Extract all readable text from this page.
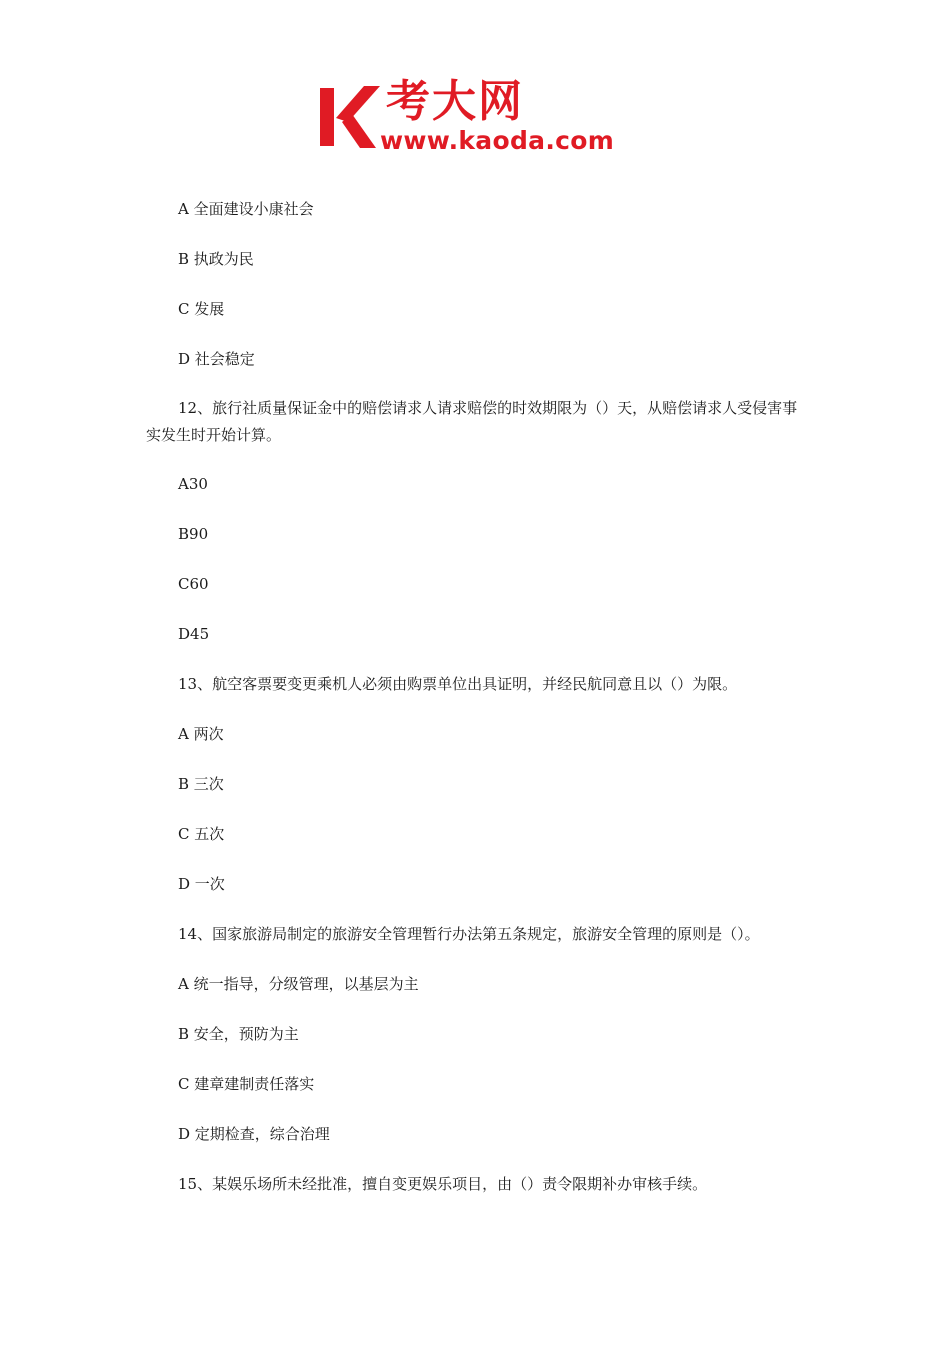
考大网
www.kaoda.com
A 全面建设小康社会
B 执政为民
C 发展
D 社会稳定
12、旅行社质量保证金中的赔偿请求人请求赔偿的时效期限为（）天，从赔偿请求人受侵害事实发生时开始计算。
A30
B90
C60
D45
13、航空客票要变更乘机人必须由购票单位出具证明，并经民航同意且以（）为限。
A 两次
B 三次
C 五次
D 一次
14、国家旅游局制定的旅游安全管理暂行办法第五条规定，旅游安全管理的原则是（）。
A 统一指导，分级管理，以基层为主
B 安全，预防为主
C 建章建制责任落实
D 定期检查，综合治理
15、某娱乐场所未经批准，擅自变更娱乐项目，由（）责令限期补办审核手续。
